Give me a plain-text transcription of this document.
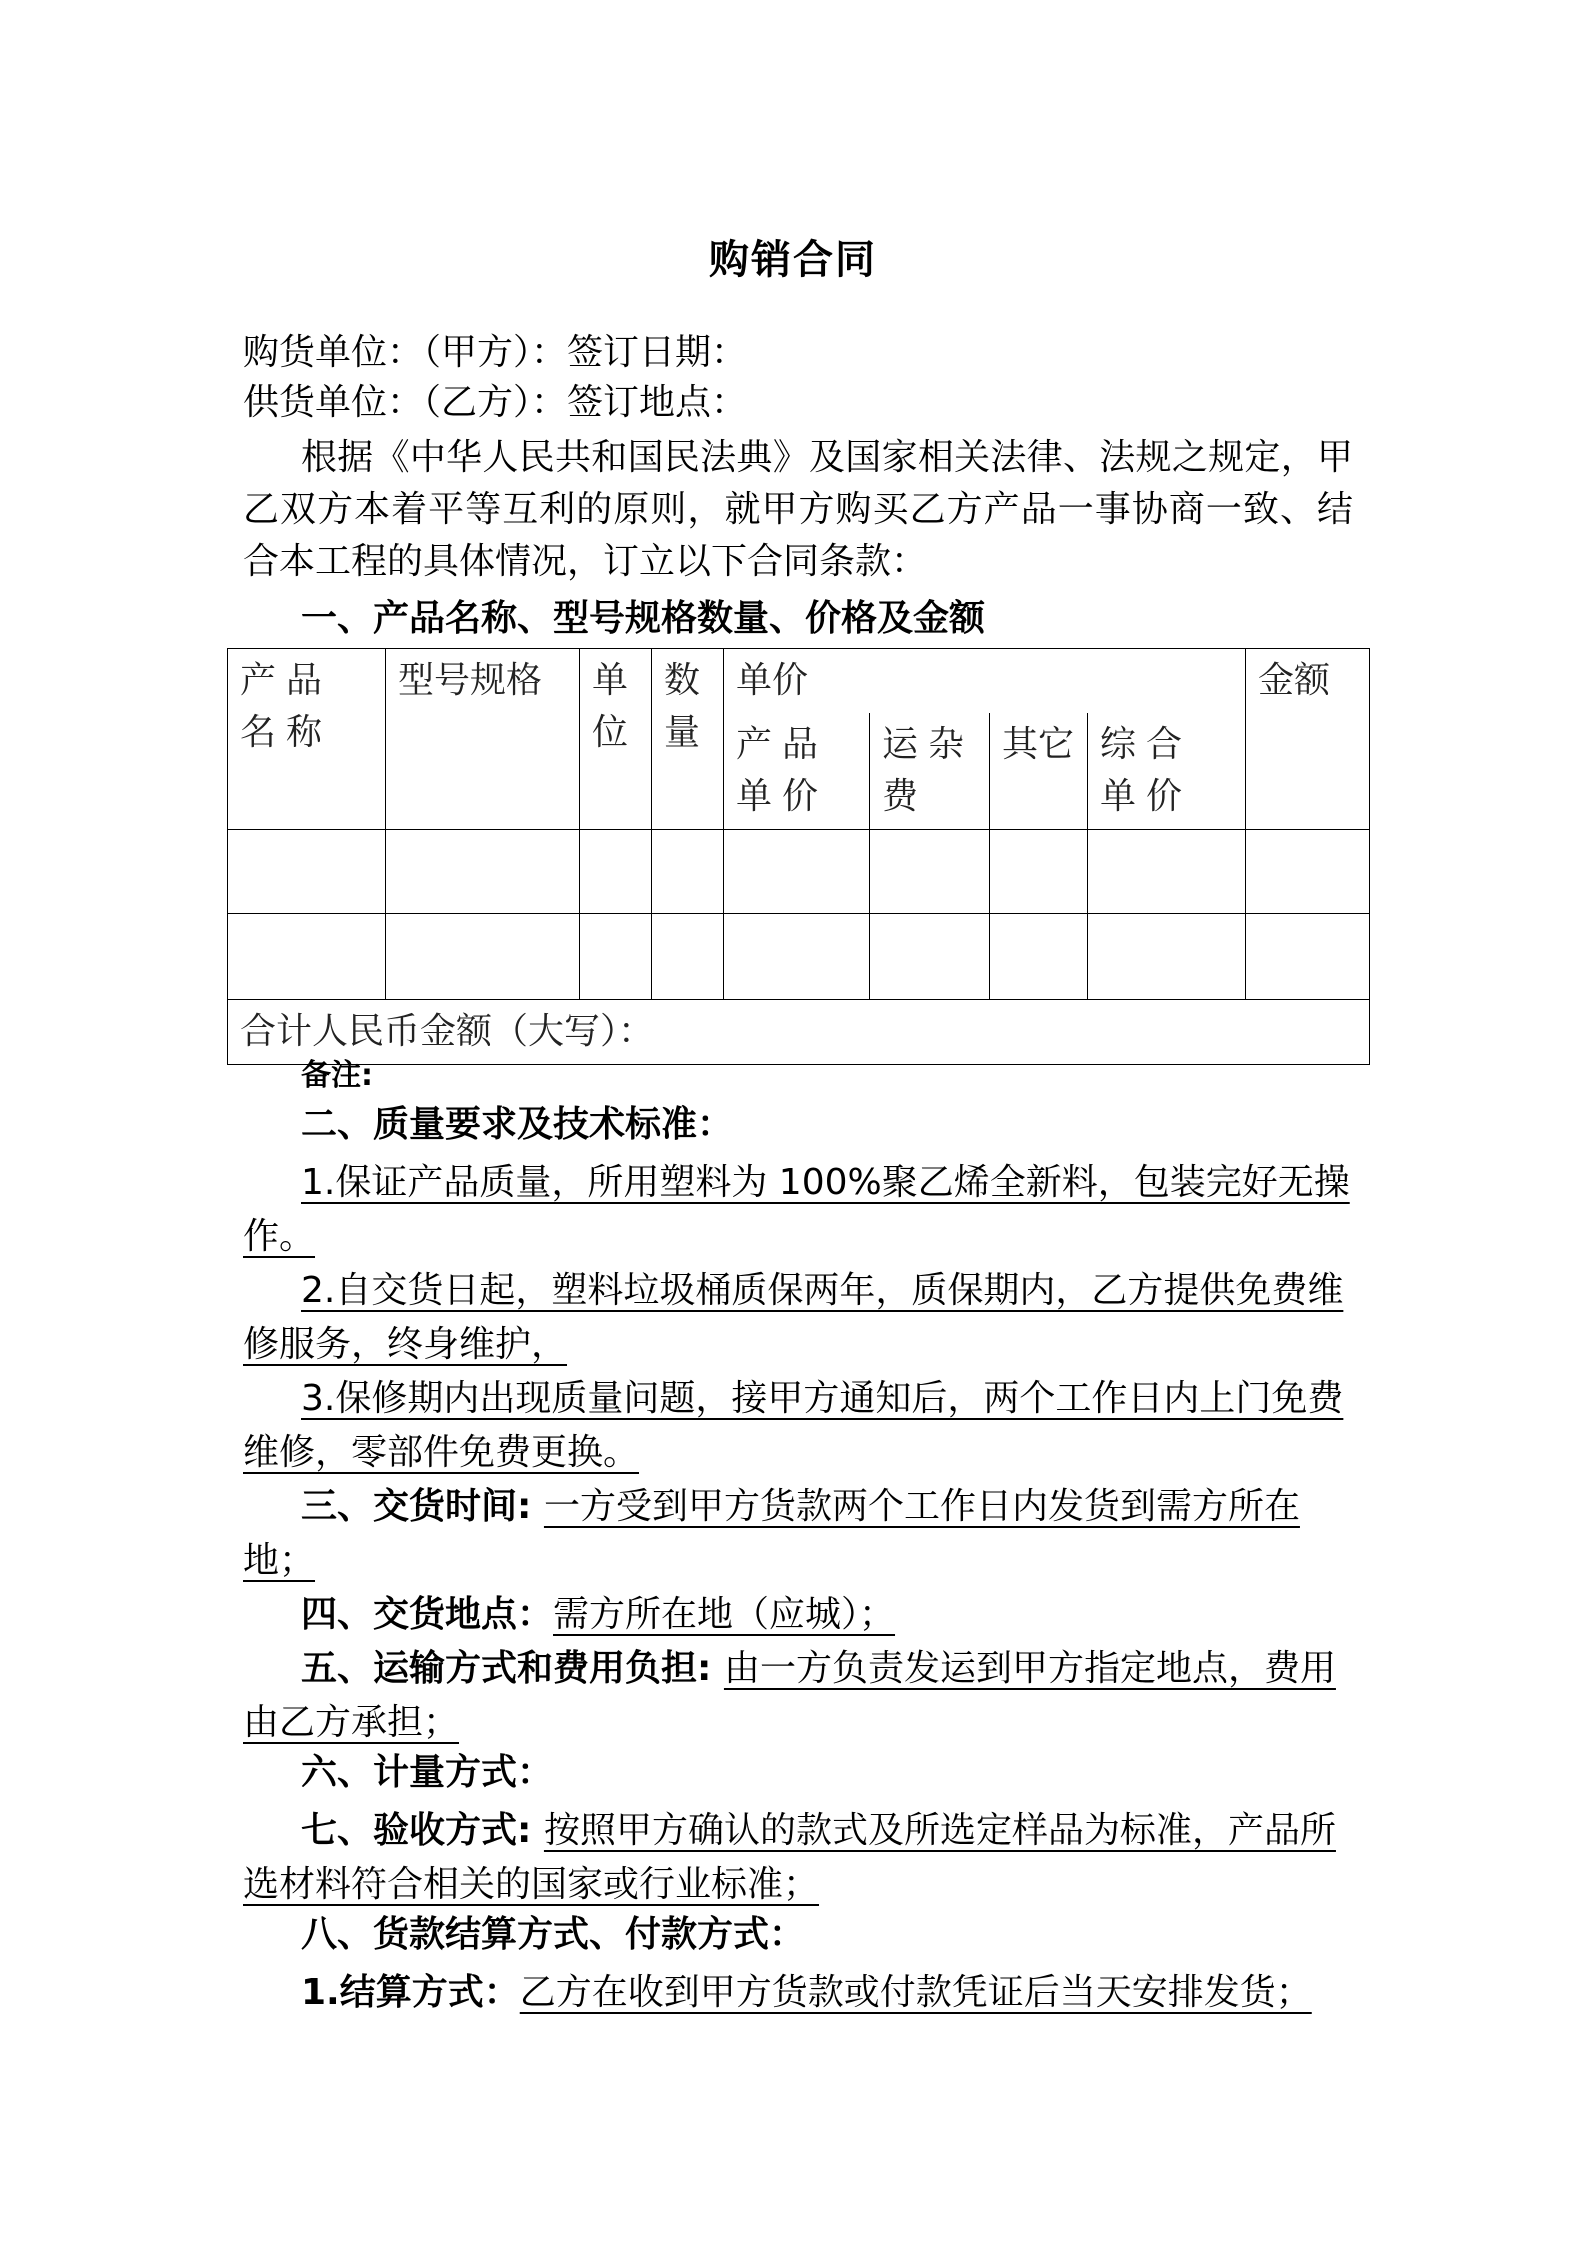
购销合同
购货单位：（甲方）：签订日期：
供货单位：（乙方）：签订地点：
根据《中华人民共和国民法典》及国家相关法律、法规之规定，甲乙双方本着平等互利的原则，就甲方购买乙方产品一事协商一致、结合本工程的具体情况，订立以下合同条款：
一、产品名称、型号规格数量、价格及金额
产品名称	型号规格	单位	数量	单价				金额
				产品单价	运杂费	其它	综合单价	

合计人民币金额（大写）：								
备注:
二、质量要求及技术标准：
1.保证产品质量，所用塑料为 100%聚乙烯全新料，包装完好无操作。
2.自交货日起，塑料垃圾桶质保两年，质保期内，乙方提供免费维修服务，终身维护，
3.保修期内出现质量问题，接甲方通知后，两个工作日内上门免费维修，零部件免费更换。
三、交货时间: 一方受到甲方货款两个工作日内发货到需方所在地；
四、交货地点：需方所在地（应城）；
五、运输方式和费用负担: 由一方负责发运到甲方指定地点，费用由乙方承担；
六、计量方式：
七、验收方式: 按照甲方确认的款式及所选定样品为标准，产品所选材料符合相关的国家或行业标准；
八、货款结算方式、付款方式：
1.结算方式：乙方在收到甲方货款或付款凭证后当天安排发货；
